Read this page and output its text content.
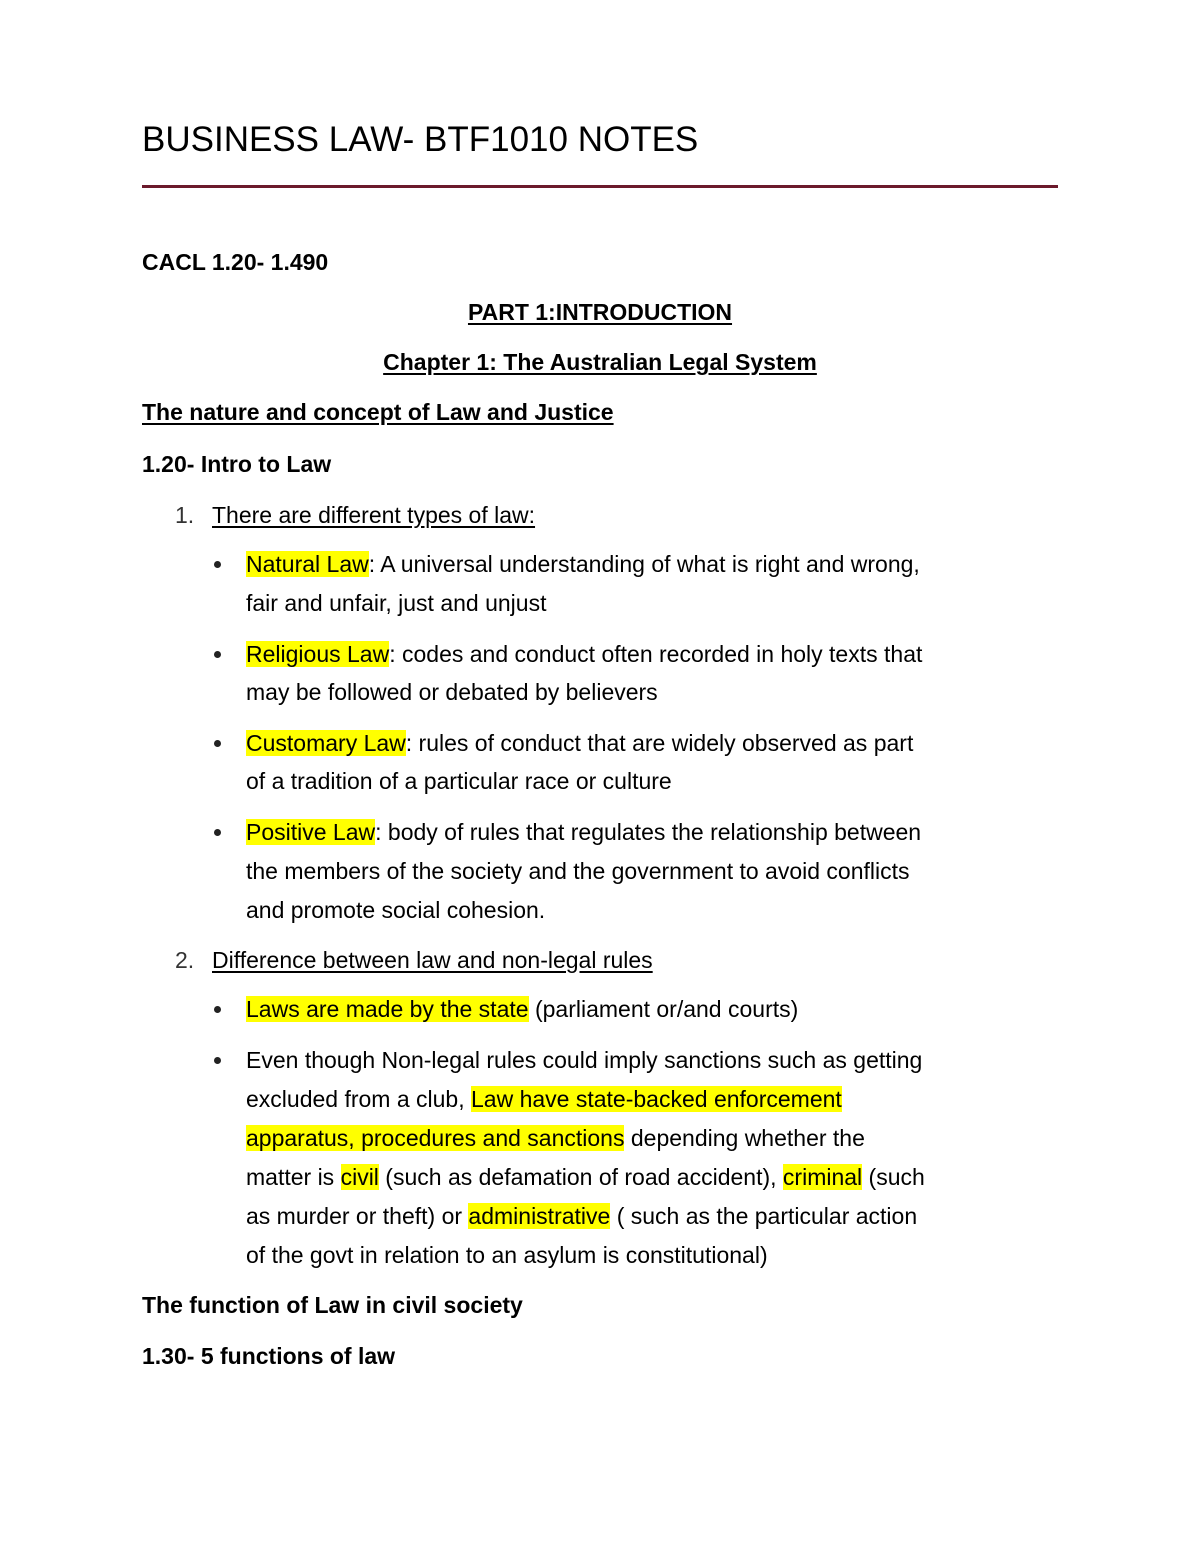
BUSINESS LAW- BTF1010 NOTES
CACL 1.20- 1.490
PART 1:INTRODUCTION
Chapter 1: The Australian Legal System
The nature and concept of Law and Justice
1.20- Intro to Law
1. There are different types of law:
Natural Law: A universal understanding of what is right and wrong,
fair and unfair, just and unjust
Religious Law: codes and conduct often recorded in holy texts that
may be followed or debated by believers
Customary Law: rules of conduct that are widely observed as part
of a tradition of a particular race or culture
Positive Law: body of rules that regulates the relationship between
the members of the society and the government to avoid conflicts
and promote social cohesion.
2. Difference between law and non-legal rules
Laws are made by the state (parliament or/and courts)
Even though Non-legal rules could imply sanctions such as getting
excluded from a club, Law have state-backed enforcement
apparatus, procedures and sanctions depending whether the
matter is civil (such as defamation of road accident), criminal (such
as murder or theft) or administrative ( such as the particular action
of the govt in relation to an asylum is constitutional)
The function of Law in civil society
1.30- 5 functions of law
